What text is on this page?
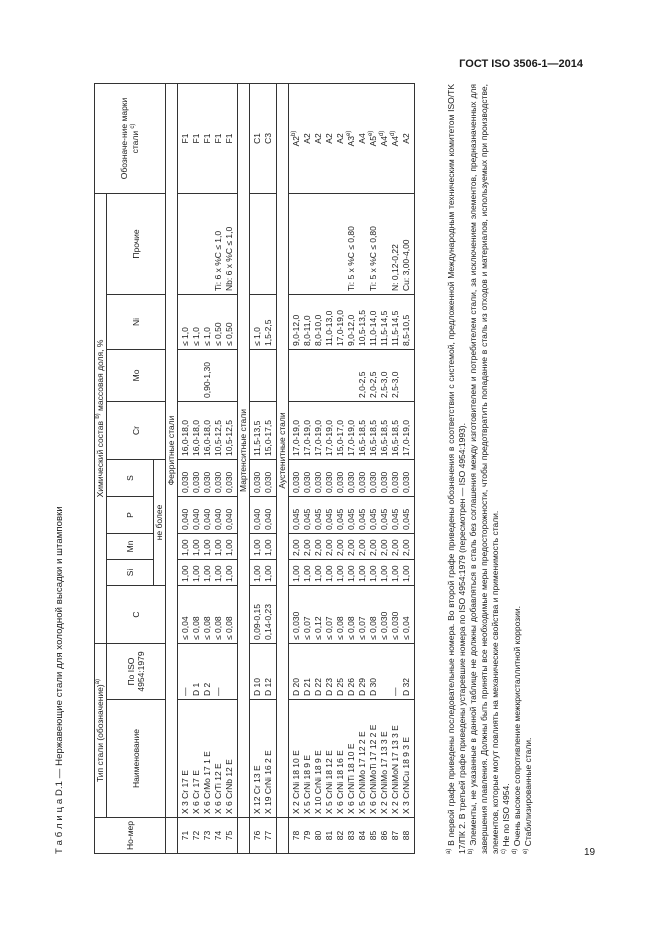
ГОСТ ISO 3506-1—2014
Т а б л и ц а D.1 — Нержавеющие стали для холодной высадки и штамповки	Но-мер	Тип стали (обозначение)$^{a)}$		Химический состав $^{b)}$ массовая доля, %									Обозначе-ние марки стали $^{c)}$
	Наименование	По ISO 4954:1979	C	Si	Mn	P	S	Cr	Mo	Ni	Прочие	
				не более								
	Ферритные стали											
71	X 3 Cr 17 E	—	≤ 0,04	1,00	1,00	0,040	0,030	16,0-18,0		≤ 1,0		F1
72	X 6 Cr 17 E	D 1	≤ 0,08	1,00	1,00	0,040	0,030	16,0-18,0		≤ 1,0		F1
73	X 6 CrMo 17 1 E	D 2	≤ 0,08	1,00	1,00	0,040	0,030	16,0-18,0	0,90-1,30	≤ 1,0		F1
74	X 6 CrTi 12 E	—	≤ 0,08	1,00	1,00	0,040	0,030	10,5-12,5		≤ 0,50	Ti: 6 x %C ≤ 1,0	F1
75	X 6 CrNb 12 E		≤ 0,08	1,00	1,00	0,040	0,030	10,5-12,5		≤ 0,50	Nb: 6 x %C ≤ 1,0	F1
	Мартенситные стали											
76	X 12 Cr 13 E	D 10	0,09-0,15	1,00	1,00	0,040	0,030	11,5-13,5		≤ 1,0		C1
77	X 19 CrNi 16 2 E	D 12	0,14-0,23	1,00	1,00	0,040	0,030	15,0-17,5		1,5-2,5		C3
	Аустенитные стали											
78	X 2 CrNi 18 10 E	D 20	≤ 0,030	1,00	2,00	0,045	0,030	17,0-19,0		9,0-12,0		A2$^{b)}$
79	X 5 CrNi 18 9 E	D 21	≤ 0,07	1,00	2,00	0,045	0,030	17,0-19,0		8,0-11,0		A2
80	X 10 CrNi 18 9 E	D 22	≤ 0,12	1,00	2,00	0,045	0,030	17,0-19,0		8,0-10,0		A2
81	X 5 CrNi 18 12 E	D 23	≤ 0,07	1,00	2,00	0,045	0,030	17,0-19,0		11,0-13,0		A2
82	X 6 CrNi 18 16 E	D 25	≤ 0,08	1,00	2,00	0,045	0,030	15,0-17,0		17,0-19,0		A2
83	X 6 CrNiTi 18 10 E	D 26	≤ 0,08	1,00	2,00	0,045	0,030	17,0-19,0		9,0-12,0	Ti: 5 x %C ≤ 0,80	A3$^{e)}$
84	X 5 CrNiMo 17 12 2 E	D 29	≤ 0,07	1,00	2,00	0,045	0,030	16,5-18,5	2,0-2,5	10,5-13,5		A4
85	X 6 CrNiMoTi 17 12 2 E	D 30	≤ 0,08	1,00	2,00	0,045	0,030	16,5-18,5	2,0-2,5	11,0-14,0	Ti: 5 x %C ≤ 0,80	A5$^{e)}$
86	X 2 CrNiMo 17 13 3 E		≤ 0,030	1,00	2,00	0,045	0,030	16,5-18,5	2,5-3,0	11,5-14,5		A4$^{d)}$
87	X 2 CrNiMoN 17 13 3 E	—	≤ 0,030	1,00	2,00	0,045	0,030	16,5-18,5	2,5-3,0	11,5-14,5	N: 0,12-0,22	A4$^{d)}$
88	X 3 CrNiCu 18 9 3 E	D 32	≤ 0,04	1,00	2,00	0,045	0,030	17,0-19,0		8,5-10,5	Cu: 3,00-4,00	A2
$^{a)}$ В первой графе приведены последовательные номера. Во второй графе приведены обозначения в соответствии с системой, предложенной Международным техническим комитетом ISO/TK 17/ПК 2. В третьей графе приведены устаревшие номера по ISO 4954:1979 (пересмотрен — ISO 4954:1993). $^{b)}$ Элементы, не указанные в данной таблице не должны добавляться в сталь без соглашения между изготовителем и потребителем стали, за исключением элементов, предназначенных для завершения плавления. Должны быть приняты все необходимые меры предосторожности, чтобы предотвратить попадание в сталь из отходов и материалов, используемых при производстве, элементов, которые могут повлиять на механические свойства и применимость стали. $^{c)}$ Не по ISO 4954.
$^{d)}$ Очень высокое сопротивление межкристаллитной коррозии.
$^{e)}$ Стабилизированные стали.
19
